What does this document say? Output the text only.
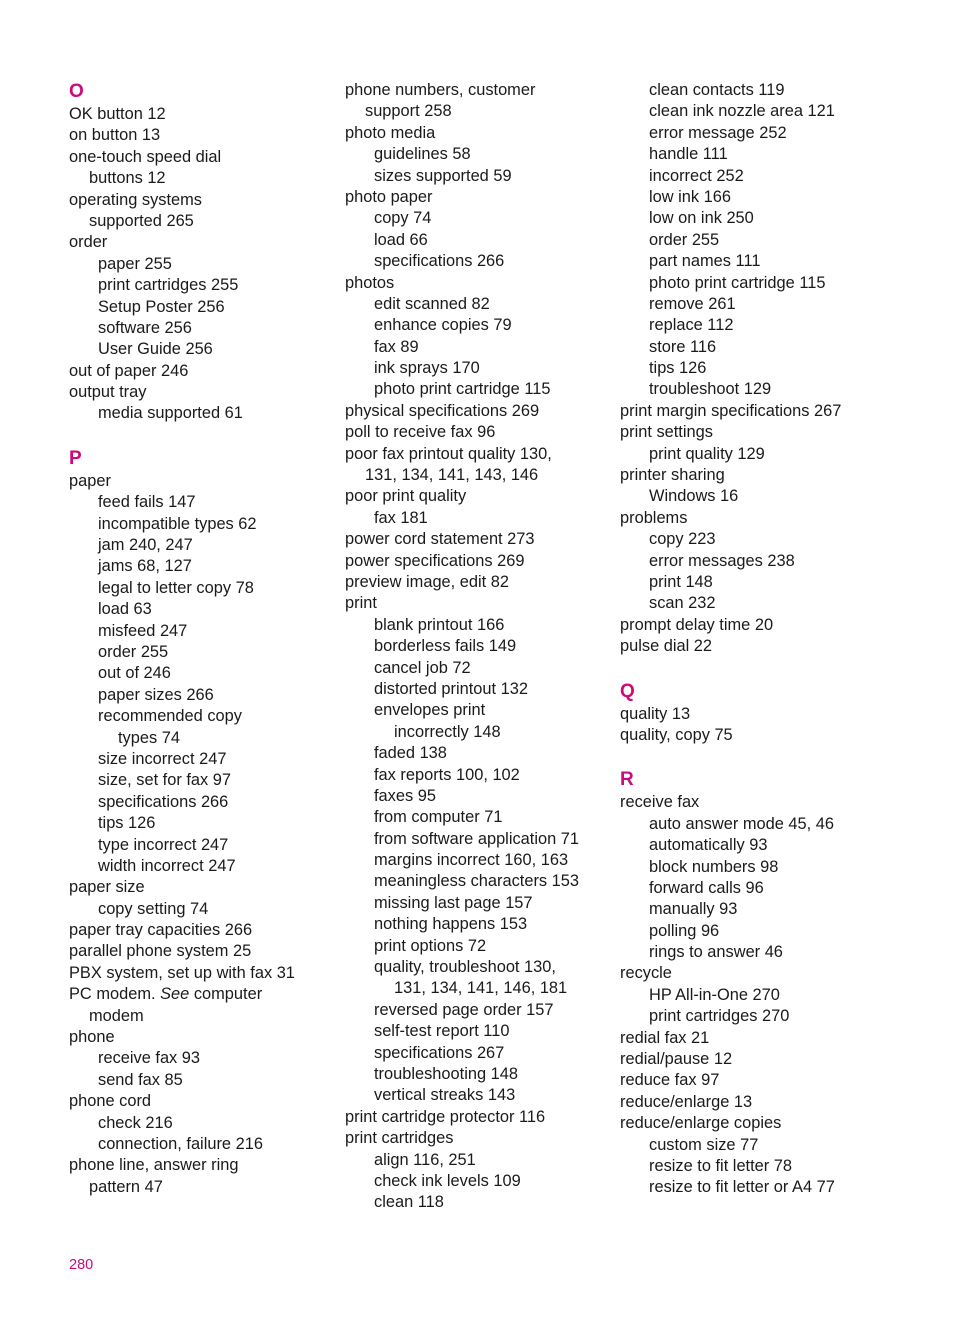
O
OK button 12
on button 13
one-touch speed dial
buttons 12
operating systems
supported 265
order
paper 255
print cartridges 255
Setup Poster 256
software 256
User Guide 256
out of paper 246
output tray
media supported 61
P
paper
feed fails 147
incompatible types 62
jam 240, 247
jams 68, 127
legal to letter copy 78
load 63
misfeed 247
order 255
out of 246
paper sizes 266
recommended copy
types 74
size incorrect 247
size, set for fax 97
specifications 266
tips 126
type incorrect 247
width incorrect 247
paper size
copy setting 74
paper tray capacities 266
parallel phone system 25
PBX system, set up with fax 31
PC modem. See computer
modem
phone
receive fax 93
send fax 85
phone cord
check 216
connection, failure 216
phone line, answer ring
pattern 47
phone numbers, customer
support 258
photo media
guidelines 58
sizes supported 59
photo paper
copy 74
load 66
specifications 266
photos
edit scanned 82
enhance copies 79
fax 89
ink sprays 170
photo print cartridge 115
physical specifications 269
poll to receive fax 96
poor fax printout quality 130,
131, 134, 141, 143, 146
poor print quality
fax 181
power cord statement 273
power specifications 269
preview image, edit 82
print
blank printout 166
borderless fails 149
cancel job 72
distorted printout 132
envelopes print
incorrectly 148
faded 138
fax reports 100, 102
faxes 95
from computer 71
from software application 71
margins incorrect 160, 163
meaningless characters 153
missing last page 157
nothing happens 153
print options 72
quality, troubleshoot 130,
131, 134, 141, 146, 181
reversed page order 157
self-test report 110
specifications 267
troubleshooting 148
vertical streaks 143
print cartridge protector 116
print cartridges
align 116, 251
check ink levels 109
clean 118
clean contacts 119
clean ink nozzle area 121
error message 252
handle 111
incorrect 252
low ink 166
low on ink 250
order 255
part names 111
photo print cartridge 115
remove 261
replace 112
store 116
tips 126
troubleshoot 129
print margin specifications 267
print settings
print quality 129
printer sharing
Windows 16
problems
copy 223
error messages 238
print 148
scan 232
prompt delay time 20
pulse dial 22
Q
quality 13
quality, copy 75
R
receive fax
auto answer mode 45, 46
automatically 93
block numbers 98
forward calls 96
manually 93
polling 96
rings to answer 46
recycle
HP All-in-One 270
print cartridges 270
redial fax 21
redial/pause 12
reduce fax 97
reduce/enlarge 13
reduce/enlarge copies
custom size 77
resize to fit letter 78
resize to fit letter or A4 77
280
